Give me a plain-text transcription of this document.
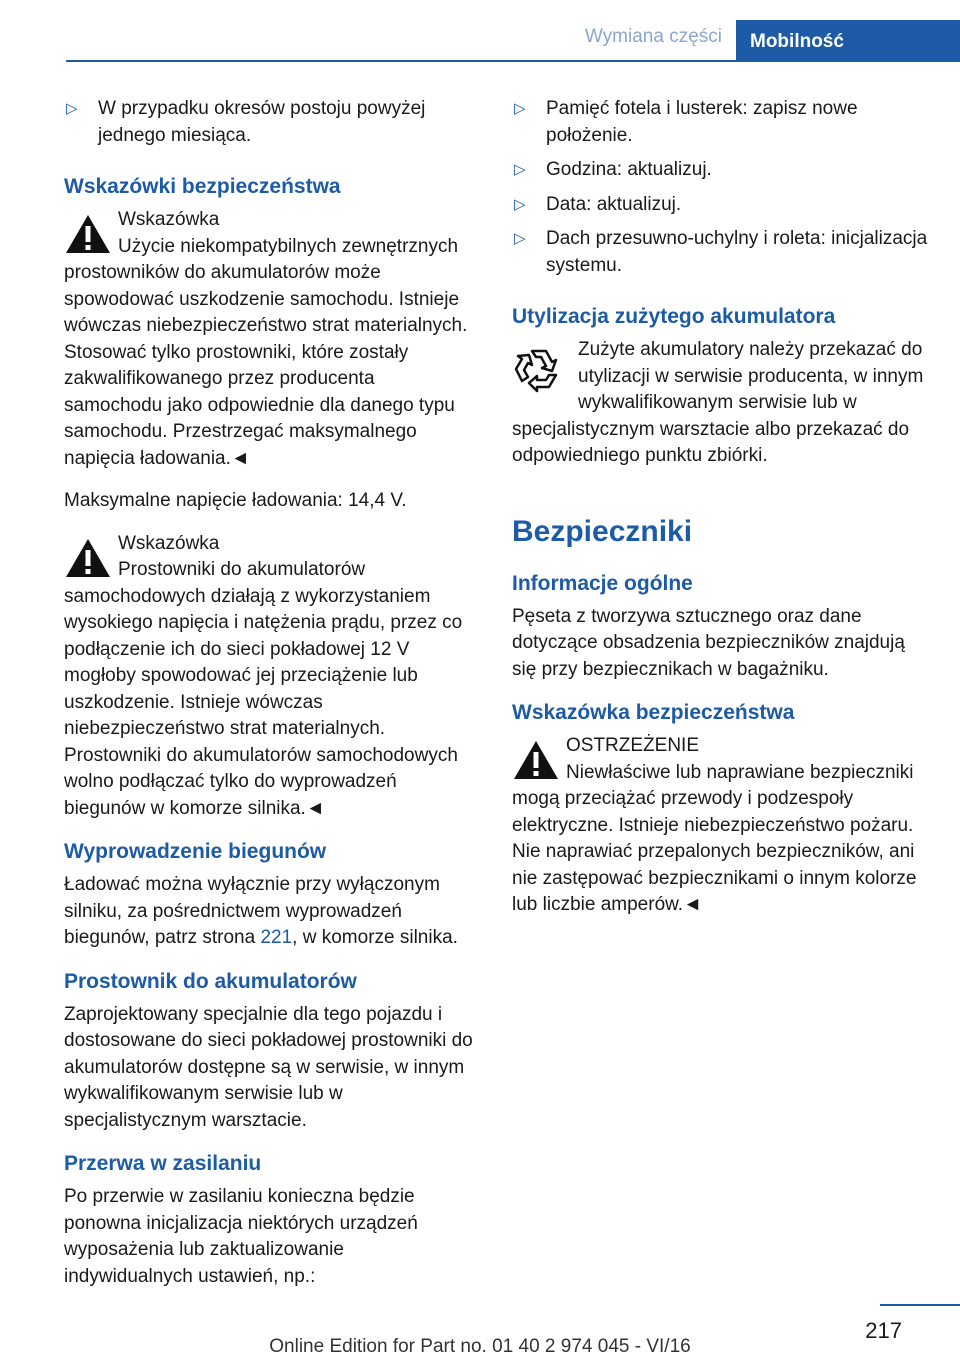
Wymiana części	Mobilność
▷ W przypadku okresów postoju powyżej jednego miesiąca.
Wskazówki bezpieczeństwa

Wskazówka

Użycie niekompatybilnych zewnętrznych prostowników do akumulatorów może spowodować uszkodzenie samochodu. Istnieje wówczas niebezpieczeństwo strat materialnych. Stosować tylko prostowniki, które zostały zakwalifikowanego przez producenta samochodu jako odpowiednie dla danego typu samochodu. Przestrzegać maksymalnego napięcia ładowania.◄

Maksymalne napięcie ładowania: 14,4 V.

Wskazówka

Prostowniki do akumulatorów samochodowych działają z wykorzystaniem wysokiego napięcia i natężenia prądu, przez co podłączenie ich do sieci pokładowej 12 V mogłoby spowodować jej przeciążenie lub uszkodzenie. Istnieje wówczas niebezpieczeństwo strat materialnych. Prostowniki do akumulatorów samochodowych wolno podłączać tylko do wyprowadzeń biegunów w komorze silnika.◄

Wyprowadzenie biegunów

Ładować można wyłącznie przy wyłączonym silniku, za pośrednictwem wyprowadzeń biegunów, patrz strona 221, w komorze silnika.

Prostownik do akumulatorów

Zaprojektowany specjalnie dla tego pojazdu i dostosowane do sieci pokładowej prostowniki do akumulatorów dostępne są w serwisie, w innym wykwalifikowanym serwisie lub w specjalistycznym warsztacie.

Przerwa w zasilaniu

Po przerwie w zasilaniu konieczna będzie ponowna inicjalizacja niektórych urządzeń wyposażenia lub zaktualizowanie indywidualnych ustawień, np.:

▷ Pamięć fotela i lusterek: zapisz nowe położenie.
▷ Godzina: aktualizuj.
▷ Data: aktualizuj.
▷ Dach przesuwno-uchylny i roleta: inicjalizacja systemu.
Utylizacja zużytego akumulatora

Zużyte akumulatory należy przekazać do utylizacji w serwisie producenta, w innym wykwalifikowanym serwisie lub w specjalistycznym warsztacie albo przekazać do odpowiedniego punktu zbiórki.

Bezpieczniki
Informacje ogólne

Pęseta z tworzywa sztucznego oraz dane dotyczące obsadzenia bezpieczników znajdują się przy bezpiecznikach w bagażniku.

Wskazówka bezpieczeństwa

OSTRZEŻENIE

Niewłaściwe lub naprawiane bezpieczniki mogą przeciążać przewody i podzespoły elektryczne. Istnieje niebezpieczeństwo pożaru. Nie naprawiać przepalonych bezpieczników, ani nie zastępować bezpiecznikami o innym kolorze lub liczbie amperów.◄

217
Online Edition for Part no. 01 40 2 974 045 - VI/16
